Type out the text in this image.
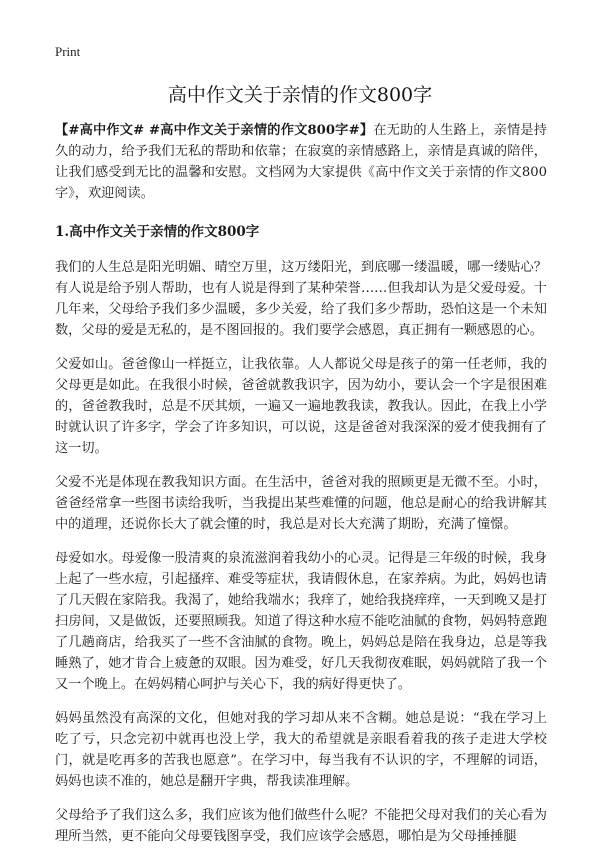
Print
高中作文关于亲情的作文800字

【#高中作文# #高中作文关于亲情的作文800字#】在无助的人生路上，亲情是持久的动力，给予我们无私的帮助和依靠；在寂寞的亲情感路上，亲情是真诚的陪伴，让我们感受到无比的温馨和安慰。文档网为大家提供《高中作文关于亲情的作文800字》，欢迎阅读。

1.高中作文关于亲情的作文800字

我们的人生总是阳光明媚、晴空万里，这万缕阳光，到底哪一缕温暖，哪一缕贴心？有人说是给予别人帮助，也有人说是得到了某种荣誉……但我却认为是父爱母爱。十几年来，父母给予我们多少温暖，多少关爱，给了我们多少帮助，恐怕这是一个未知数，父母的爱是无私的，是不图回报的。我们要学会感恩，真正拥有一颗感恩的心。

父爱如山。爸爸像山一样挺立，让我依靠。人人都说父母是孩子的第一任老师，我的父母更是如此。在我很小时候，爸爸就教我识字，因为幼小，要认会一个字是很困难的，爸爸教我时，总是不厌其烦，一遍又一遍地教我读，教我认。因此，在我上小学时就认识了许多字，学会了许多知识，可以说，这是爸爸对我深深的爱才使我拥有了这一切。

父爱不光是体现在教我知识方面。在生活中，爸爸对我的照顾更是无微不至。小时，爸爸经常拿一些图书读给我听，当我提出某些难懂的问题，他总是耐心的给我讲解其中的道理，还说你长大了就会懂的时，我总是对长大充满了期盼，充满了憧憬。

母爱如水。母爱像一股清爽的泉流滋润着我幼小的心灵。记得是三年级的时候，我身上起了一些水痘，引起搔痒、难受等症状，我请假休息，在家养病。为此，妈妈也请了几天假在家陪我。我渴了，她给我端水；我痒了，她给我挠痒痒，一天到晚又是打扫房间，又是做饭，还要照顾我。知道了得这种水痘不能吃油腻的食物，妈妈特意跑了几趟商店，给我买了一些不含油腻的食物。晚上，妈妈总是陪在我身边，总是等我睡熟了，她才肯合上疲惫的双眼。因为难受，好几天我彻夜难眠，妈妈就陪了我一个又一个晚上。在妈妈精心呵护与关心下，我的病好得更快了。

妈妈虽然没有高深的文化，但她对我的学习却从来不含糊。她总是说：“我在学习上吃了亏，只念完初中就再也没上学，我大的希望就是亲眼看着我的孩子走进大学校门，就是吃再多的苦我也愿意”。在学习中，每当我有不认识的字，不理解的词语，妈妈也读不准的，她总是翻开字典，帮我读准理解。

父母给予了我们这么多，我们应该为他们做些什么呢？不能把父母对我们的关心看为理所当然，更不能向父母要钱图享受，我们应该学会感恩，哪怕是为父母捶捶腿
